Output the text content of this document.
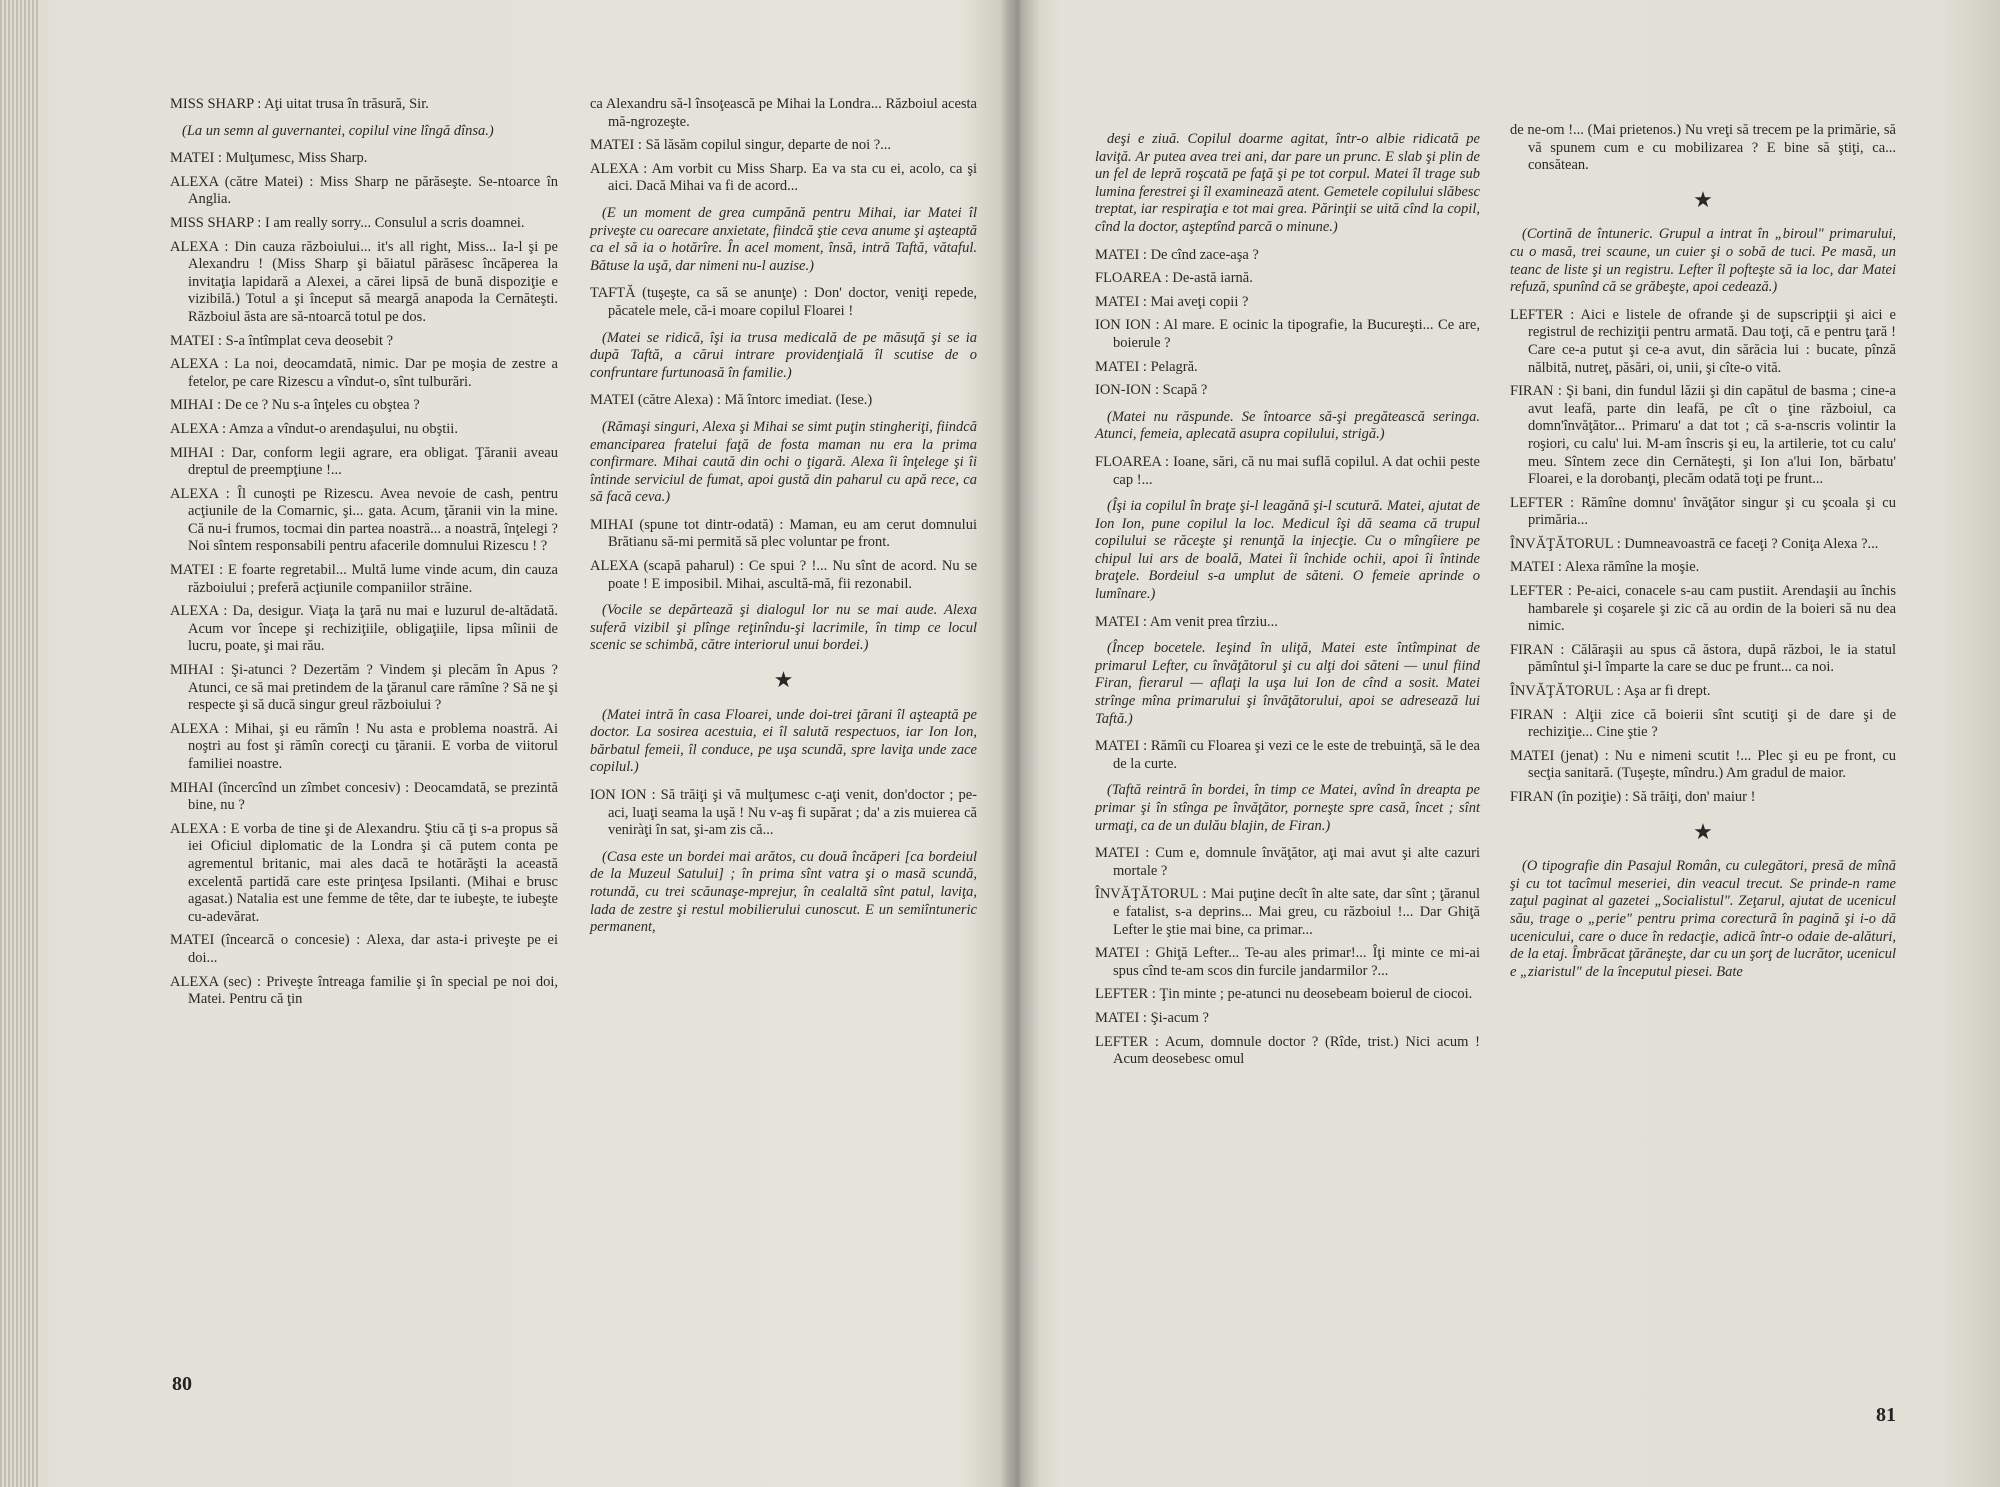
MISS SHARP : Aţi uitat trusa în trăsură, Sir.

(La un semn al guvernantei, copilul vine lîngă dînsa.)

MATEI : Mulţumesc, Miss Sharp.

ALEXA (către Matei) : Miss Sharp ne părăseşte. Se-ntoarce în Anglia.

MISS SHARP : I am really sorry... Consulul a scris doamnei.

ALEXA : Din cauza războiului... it's all right, Miss... Ia-l şi pe Alexandru ! (Miss Sharp şi băiatul părăsesc încăperea la invitaţia lapidară a Alexei, a cărei lipsă de bună dispoziţie e vizibilă.) Totul a şi început să meargă anapoda la Cernăteşti. Războiul ăsta are să-ntoarcă totul pe dos.

MATEI : S-a întîmplat ceva deosebit ?

ALEXA : La noi, deocamdată, nimic. Dar pe moşia de zestre a fetelor, pe care Rizescu a vîndut-o, sînt tulburări.

MIHAI : De ce ? Nu s-a înţeles cu obştea ?

ALEXA : Amza a vîndut-o arendaşului, nu obştii.

MIHAI : Dar, conform legii agrare, era obligat. Ţăranii aveau dreptul de preempţiune !...

ALEXA : Îl cunoşti pe Rizescu. Avea nevoie de cash, pentru acţiunile de la Comarnic, şi... gata. Acum, ţăranii vin la mine. Că nu-i frumos, tocmai din partea noastră... a noastră, înţelegi ? Noi sîntem responsabili pentru afacerile domnului Rizescu ! ?

MATEI : E foarte regretabil... Multă lume vinde acum, din cauza războiului ; preferă acţiunile companiilor străine.

ALEXA : Da, desigur. Viaţa la ţară nu mai e luzurul de-altădată. Acum vor începe şi rechiziţiile, obligaţiile, lipsa mîinii de lucru, poate, şi mai rău.

MIHAI : Şi-atunci ? Dezertăm ? Vindem şi plecăm în Apus ? Atunci, ce să mai pretindem de la ţăranul care rămîne ? Să ne şi respecte şi să ducă singur greul războiului ?

ALEXA : Mihai, şi eu rămîn ! Nu asta e problema noastră. Ai noştri au fost şi rămîn corecţi cu ţăranii. E vorba de viitorul familiei noastre.

MIHAI (încercînd un zîmbet concesiv) : Deocamdată, se prezintă bine, nu ?

ALEXA : E vorba de tine şi de Alexandru. Ştiu că ţi s-a propus să iei Oficiul diplomatic de la Londra şi că putem conta pe agrementul britanic, mai ales dacă te hotărăşti la această excelentă partidă care este prinţesa Ipsilanti. (Mihai e brusc agasat.) Natalia est une femme de tête, dar te iubeşte, te iubeşte cu-adevărat.

MATEI (încearcă o concesie) : Alexa, dar asta-i priveşte pe ei doi...

ALEXA (sec) : Priveşte întreaga familie şi în special pe noi doi, Matei. Pentru că ţin

ca Alexandru să-l însoţească pe Mihai la Londra... Războiul acesta mă-ngrozeşte.

MATEI : Să lăsăm copilul singur, departe de noi ?...

ALEXA : Am vorbit cu Miss Sharp. Ea va sta cu ei, acolo, ca şi aici. Dacă Mihai va fi de acord...

(E un moment de grea cumpănă pentru Mihai, iar Matei îl priveşte cu oarecare anxietate, fiindcă ştie ceva anume şi aşteaptă ca el să ia o hotărîre. În acel moment, însă, intră Taftă, vătaful. Bătuse la uşă, dar nimeni nu-l auzise.)

TAFTĂ (tuşeşte, ca să se anunţe) : Don' doctor, veniţi repede, păcatele mele, că-i moare copilul Floarei !

(Matei se ridică, îşi ia trusa medicală de pe măsuţă şi se ia după Taftă, a cărui intrare providenţială îl scutise de o confruntare furtunoasă în familie.)

MATEI (către Alexa) : Mă întorc imediat. (Iese.)

(Rămaşi singuri, Alexa şi Mihai se simt puţin stingheriţi, fiindcă emanciparea fratelui faţă de fosta maman nu era la prima confirmare. Mihai caută din ochi o ţigară. Alexa îi înţelege şi îi întinde serviciul de fumat, apoi gustă din paharul cu apă rece, ca să facă ceva.)

MIHAI (spune tot dintr-odată) : Maman, eu am cerut domnului Brătianu să-mi permită să plec voluntar pe front.

ALEXA (scapă paharul) : Ce spui ? !... Nu sînt de acord. Nu se poate ! E imposibil. Mihai, ascultă-mă, fii rezonabil.

(Vocile se depărtează şi dialogul lor nu se mai aude. Alexa suferă vizibil şi plînge reţinîndu-şi lacrimile, în timp ce locul scenic se schimbă, către interiorul unui bordei.)

★

(Matei intră în casa Floarei, unde doi-trei ţărani îl aşteaptă pe doctor. La sosirea acestuia, ei îl salută respectuos, iar Ion Ion, bărbatul femeii, îl conduce, pe uşa scundă, spre laviţa unde zace copilul.)

ION ION : Să trăiţi şi vă mulţumesc c-aţi venit, don'doctor ; pe-aci, luaţi seama la uşă ! Nu v-aş fi supărat ; da' a zis muierea că veniràţi în sat, şi-am zis că...

(Casa este un bordei mai arătos, cu două încăperi [ca bordeiul de la Muzeul Satului] ; în prima sînt vatra şi o masă scundă, rotundă, cu trei scăunaşe-mprejur, în cealaltă sînt patul, laviţa, lada de zestre şi restul mobilierului cunoscut. E un semiîntuneric permanent,

deşi e ziuă. Copilul doarme agitat, într-o albie ridicată pe laviţă. Ar putea avea trei ani, dar pare un prunc. E slab şi plin de un fel de lepră roşcată pe faţă şi pe tot corpul. Matei îl trage sub lumina ferestrei şi îl examinează atent. Gemetele copilului slăbesc treptat, iar respiraţia e tot mai grea. Părinţii se uită cînd la copil, cînd la doctor, aşteptînd parcă o minune.)

MATEI : De cînd zace-aşa ?

FLOAREA : De-astă iarnă.

MATEI : Mai aveţi copii ?

ION ION : Al mare. E ocinic la tipografie, la Bucureşti... Ce are, boierule ?

MATEI : Pelagră.

ION-ION : Scapă ?

(Matei nu răspunde. Se întoarce să-şi pregătească seringa. Atunci, femeia, aplecată asupra copilului, strigă.)

FLOAREA : Ioane, sări, că nu mai suflă copilul. A dat ochii peste cap !...

(Îşi ia copilul în braţe şi-l leagănă şi-l scutură. Matei, ajutat de Ion Ion, pune copilul la loc. Medicul îşi dă seama că trupul copilului se răceşte şi renunţă la injecţie. Cu o mîngîiere pe chipul lui ars de boală, Matei îi închide ochii, apoi îi întinde braţele. Bordeiul s-a umplut de săteni. O femeie aprinde o lumînare.)

MATEI : Am venit prea tîrziu...

(Încep bocetele. Ieşind în uliţă, Matei este întîmpinat de primarul Lefter, cu învăţătorul şi cu alţi doi săteni — unul fiind Firan, fierarul — aflaţi la uşa lui Ion de cînd a sosit. Matei strînge mîna primarului şi învăţătorului, apoi se adresează lui Taftă.)

MATEI : Rămîi cu Floarea şi vezi ce le este de trebuinţă, să le dea de la curte.

(Taftă reintră în bordei, în timp ce Matei, avînd în dreapta pe primar şi în stînga pe învăţător, porneşte spre casă, încet ; sînt urmaţi, ca de un dulău blajin, de Firan.)

MATEI : Cum e, domnule învăţător, aţi mai avut şi alte cazuri mortale ?

ÎNVĂŢĂTORUL : Mai puţine decît în alte sate, dar sînt ; ţăranul e fatalist, s-a deprins... Mai greu, cu războiul !... Dar Ghiţă Lefter le ştie mai bine, ca primar...

MATEI : Ghiţă Lefter... Te-au ales primar!... Îţi minte ce mi-ai spus cînd te-am scos din furcile jandarmilor ?...

LEFTER : Ţin minte ; pe-atunci nu deosebeam boierul de ciocoi.

MATEI : Şi-acum ?

LEFTER : Acum, domnule doctor ? (Rîde, trist.) Nici acum ! Acum deosebesc omul

de ne-om !... (Mai prietenos.) Nu vreţi să trecem pe la primărie, să vă spunem cum e cu mobilizarea ? E bine să ştiţi, ca... consătean.

★

(Cortină de întuneric. Grupul a intrat în „biroul" primarului, cu o masă, trei scaune, un cuier şi o sobă de tuci. Pe masă, un teanc de liste şi un registru. Lefter îl pofteşte să ia loc, dar Matei refuză, spunînd că se grăbeşte, apoi cedează.)

LEFTER : Aici e listele de ofrande şi de supscripţii şi aici e registrul de rechiziţii pentru armată. Dau toţi, că e pentru ţară ! Care ce-a putut şi ce-a avut, din sărăcia lui : bucate, pînză nălbită, nutreţ, păsări, oi, unii, şi cîte-o vită.

FIRAN : Şi bani, din fundul lăzii şi din capătul de basma ; cine-a avut leafă, parte din leafă, pe cît o ţine războiul, ca domn'învăţător... Primaru' a dat tot ; că s-a-nscris volintir la roşiori, cu calu' lui. M-am înscris şi eu, la artilerie, tot cu calu' meu. Sîntem zece din Cernăteşti, şi Ion a'lui Ion, bărbatu' Floarei, e la dorobanţi, plecăm odată toţi pe frunt...

LEFTER : Rămîne domnu' învăţător singur şi cu şcoala şi cu primăria...

ÎNVĂŢĂTORUL : Dumneavoastră ce faceţi ? Coniţa Alexa ?...

MATEI : Alexa rămîne la moşie.

LEFTER : Pe-aici, conacele s-au cam pustiit. Arendaşii au închis hambarele şi coşarele şi zic că au ordin de la boieri să nu dea nimic.

FIRAN : Călăraşii au spus că ăstora, după război, le ia statul pămîntul şi-l împarte la care se duc pe frunt... ca noi.

ÎNVĂŢĂTORUL : Aşa ar fi drept.

FIRAN : Alţii zice că boierii sînt scutiţi şi de dare şi de rechiziţie... Cine ştie ?

MATEI (jenat) : Nu e nimeni scutit !... Plec şi eu pe front, cu secţia sanitară. (Tuşeşte, mîndru.) Am gradul de maior.

FIRAN (în poziţie) : Să trăiţi, don' maiur !

★

(O tipografie din Pasajul Român, cu culegători, presă de mînă şi cu tot tacîmul meseriei, din veacul trecut. Se prinde-n rame zaţul paginat al gazetei „Socialistul". Zeţarul, ajutat de ucenicul său, trage o „perie" pentru prima corectură în pagină şi i-o dă ucenicului, care o duce în redacţie, adică într-o odaie de-alături, de la etaj. Îmbrăcat ţărăneşte, dar cu un şorţ de lucrător, ucenicul e „ziaristul" de la începutul piesei. Bate

80
81
